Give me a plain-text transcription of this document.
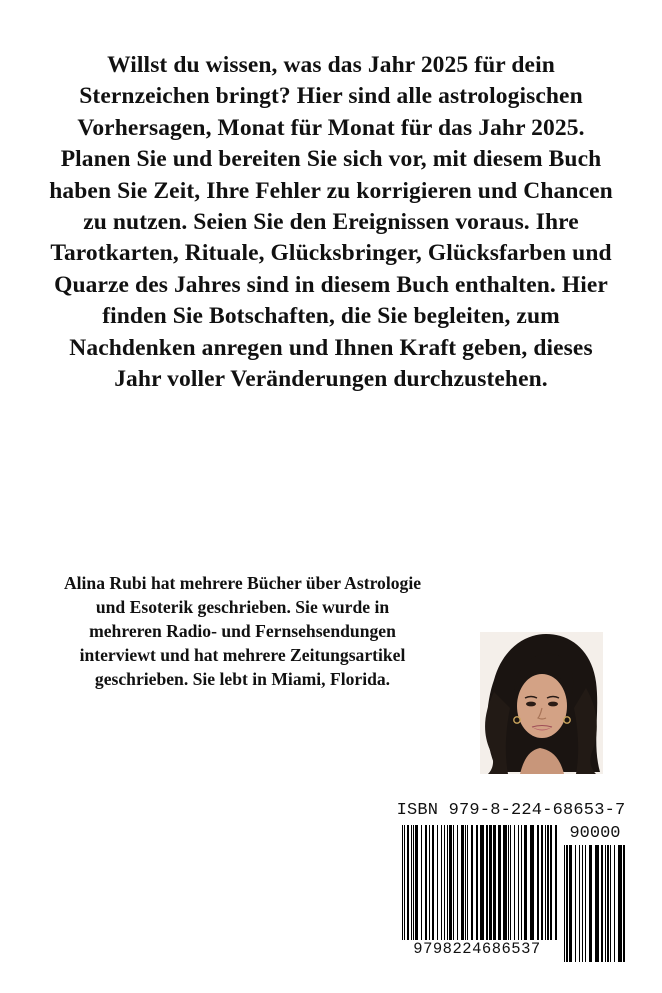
Willst du wissen, was das Jahr 2025 für dein
Sternzeichen bringt? Hier sind alle astrologischen
Vorhersagen, Monat für Monat für das Jahr 2025.
Planen Sie und bereiten Sie sich vor, mit diesem Buch
haben Sie Zeit, Ihre Fehler zu korrigieren und Chancen
zu nutzen. Seien Sie den Ereignissen voraus. Ihre
Tarotkarten, Rituale, Glücksbringer, Glücksfarben und
Quarze des Jahres sind in diesem Buch enthalten. Hier
finden Sie Botschaften, die Sie begleiten, zum
Nachdenken anregen und Ihnen Kraft geben, dieses
Jahr voller Veränderungen durchzustehen.
Alina Rubi hat mehrere Bücher über Astrologie
und Esoterik geschrieben. Sie wurde in
mehreren Radio- und Fernsehsendungen
interviewt und hat mehrere Zeitungsartikel
geschrieben. Sie lebt in Miami, Florida.
ISBN 979-8-224-68653-7
90000
9798224686537
